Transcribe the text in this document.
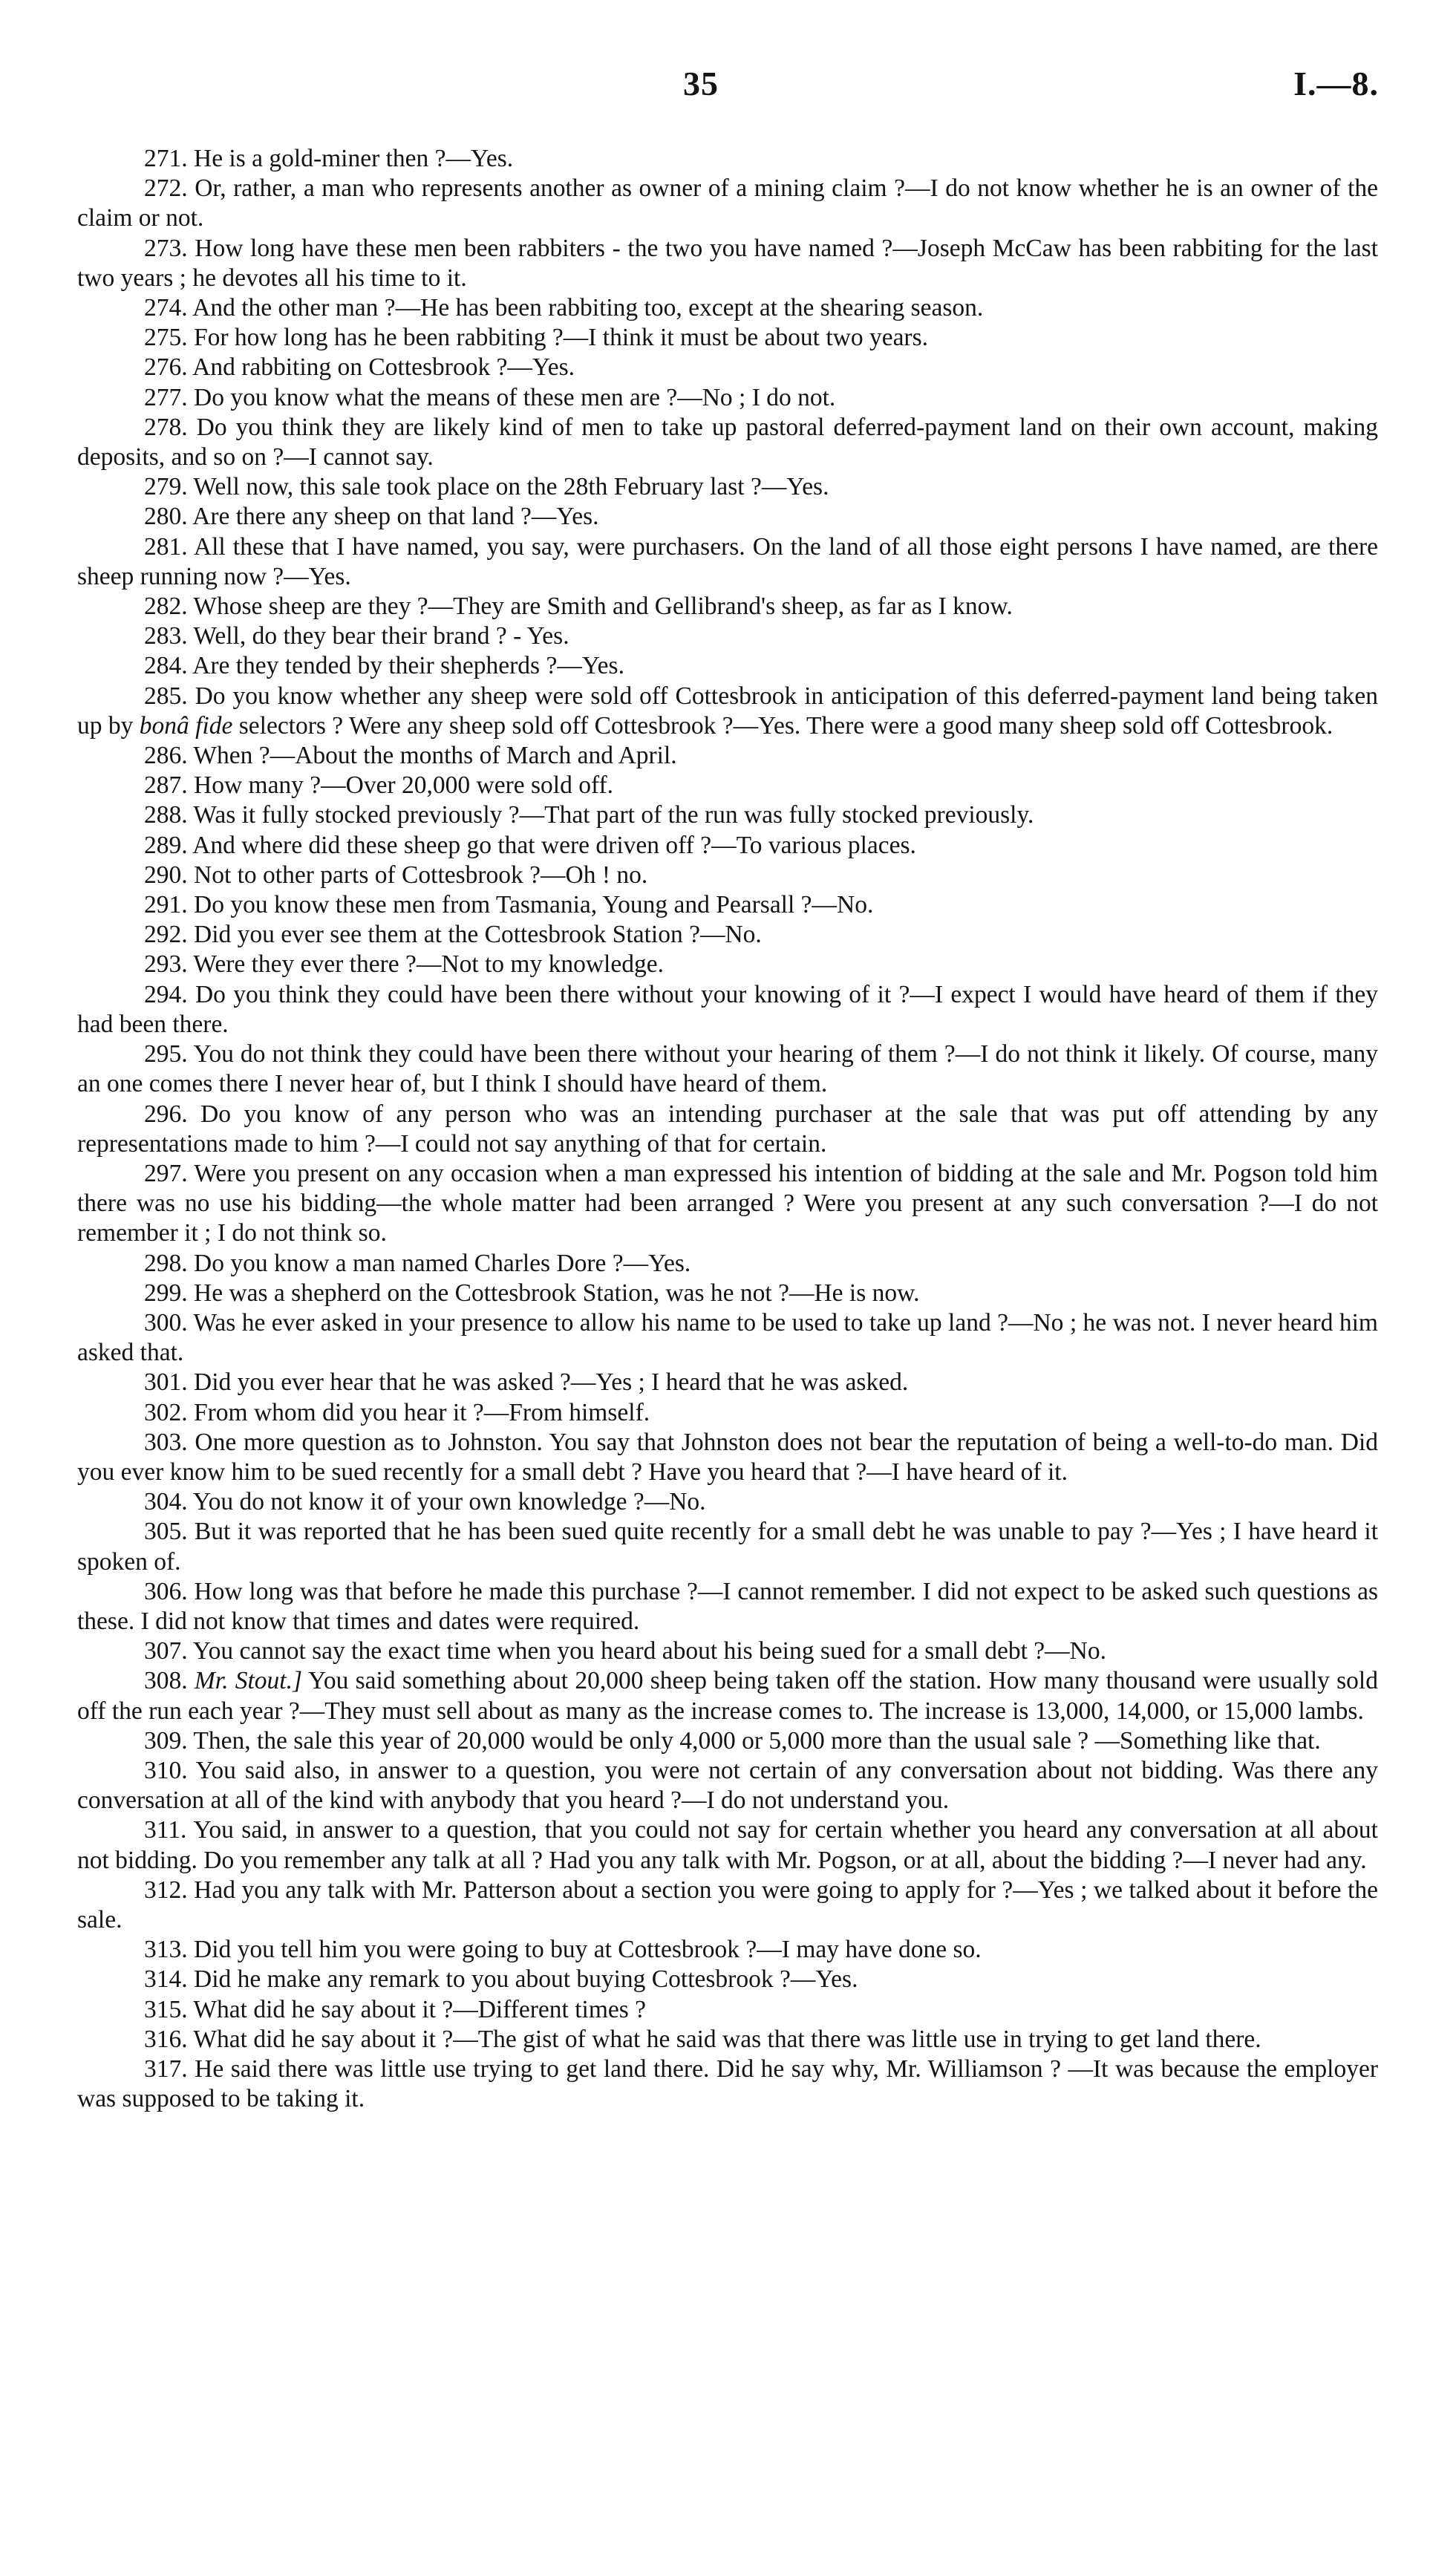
35	I.—8.

271. He is a gold-miner then ?—Yes.

272. Or, rather, a man who represents another as owner of a mining claim ?—I do not know whether he is an owner of the claim or not.

273. How long have these men been rabbiters - the two you have named ?—Joseph McCaw has been rabbiting for the last two years ; he devotes all his time to it.

274. And the other man ?—He has been rabbiting too, except at the shearing season.

275. For how long has he been rabbiting ?—I think it must be about two years.

276. And rabbiting on Cottesbrook ?—Yes.

277. Do you know what the means of these men are ?—No ; I do not.

278. Do you think they are likely kind of men to take up pastoral deferred-payment land on their own account, making deposits, and so on ?—I cannot say.

279. Well now, this sale took place on the 28th February last ?—Yes.

280. Are there any sheep on that land ?—Yes.

281. All these that I have named, you say, were purchasers. On the land of all those eight persons I have named, are there sheep running now ?—Yes.

282. Whose sheep are they ?—They are Smith and Gellibrand's sheep, as far as I know.

283. Well, do they bear their brand ? - Yes.

284. Are they tended by their shepherds ?—Yes.

285. Do you know whether any sheep were sold off Cottesbrook in anticipation of this deferred-payment land being taken up by bonâ fide selectors ? Were any sheep sold off Cottesbrook ?—Yes. There were a good many sheep sold off Cottesbrook.

286. When ?—About the months of March and April.

287. How many ?—Over 20,000 were sold off.

288. Was it fully stocked previously ?—That part of the run was fully stocked previously.

289. And where did these sheep go that were driven off ?—To various places.

290. Not to other parts of Cottesbrook ?—Oh ! no.

291. Do you know these men from Tasmania, Young and Pearsall ?—No.

292. Did you ever see them at the Cottesbrook Station ?—No.

293. Were they ever there ?—Not to my knowledge.

294. Do you think they could have been there without your knowing of it ?—I expect I would have heard of them if they had been there.

295. You do not think they could have been there without your hearing of them ?—I do not think it likely. Of course, many an one comes there I never hear of, but I think I should have heard of them.

296. Do you know of any person who was an intending purchaser at the sale that was put off attending by any representations made to him ?—I could not say anything of that for certain.

297. Were you present on any occasion when a man expressed his intention of bidding at the sale and Mr. Pogson told him there was no use his bidding—the whole matter had been arranged ? Were you present at any such conversation ?—I do not remember it ; I do not think so.

298. Do you know a man named Charles Dore ?—Yes.

299. He was a shepherd on the Cottesbrook Station, was he not ?—He is now.

300. Was he ever asked in your presence to allow his name to be used to take up land ?—No ; he was not. I never heard him asked that.

301. Did you ever hear that he was asked ?—Yes ; I heard that he was asked.

302. From whom did you hear it ?—From himself.

303. One more question as to Johnston. You say that Johnston does not bear the reputation of being a well-to-do man. Did you ever know him to be sued recently for a small debt ? Have you heard that ?—I have heard of it.

304. You do not know it of your own knowledge ?—No.

305. But it was reported that he has been sued quite recently for a small debt he was unable to pay ?—Yes ; I have heard it spoken of.

306. How long was that before he made this purchase ?—I cannot remember. I did not expect to be asked such questions as these. I did not know that times and dates were required.

307. You cannot say the exact time when you heard about his being sued for a small debt ?—No.

308. Mr. Stout.] You said something about 20,000 sheep being taken off the station. How many thousand were usually sold off the run each year ?—They must sell about as many as the increase comes to. The increase is 13,000, 14,000, or 15,000 lambs.

309. Then, the sale this year of 20,000 would be only 4,000 or 5,000 more than the usual sale ? —Something like that.

310. You said also, in answer to a question, you were not certain of any conversation about not bidding. Was there any conversation at all of the kind with anybody that you heard ?—I do not understand you.

311. You said, in answer to a question, that you could not say for certain whether you heard any conversation at all about not bidding. Do you remember any talk at all ? Had you any talk with Mr. Pogson, or at all, about the bidding ?—I never had any.

312. Had you any talk with Mr. Patterson about a section you were going to apply for ?—Yes ; we talked about it before the sale.

313. Did you tell him you were going to buy at Cottesbrook ?—I may have done so.

314. Did he make any remark to you about buying Cottesbrook ?—Yes.

315. What did he say about it ?—Different times ?

316. What did he say about it ?—The gist of what he said was that there was little use in trying to get land there.

317. He said there was little use trying to get land there. Did he say why, Mr. Williamson ? —It was because the employer was supposed to be taking it.
